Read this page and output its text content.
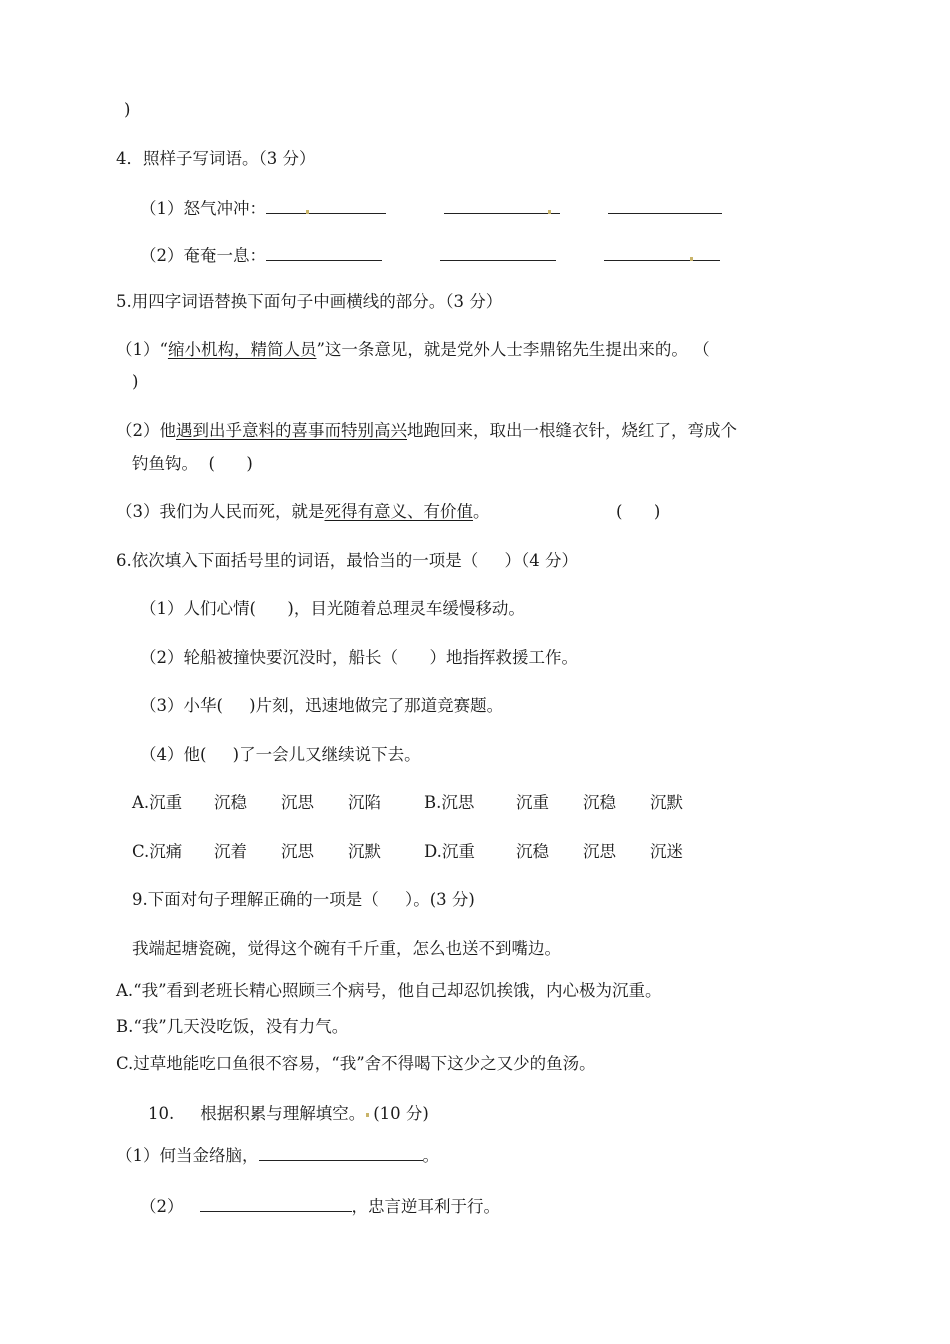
)
4．照样子写词语。（3 分）
（1）怒气冲冲：
（2）奄奄一息：
5.用四字词语替换下面句子中画横线的部分。（3 分）
（1）“缩小机构，精简人员”这一条意见，就是党外人士李鼎铭先生提出来的。 （
)
（2）他遇到出乎意料的喜事而特别高兴地跑回来，取出一根缝衣针，烧红了，弯成个
钓鱼钩。  (      )
（3）我们为人民而死，就是死得有意义、有价值。	(      )
6.依次填入下面括号里的词语，最恰当的一项是（     ）（4 分）
（1）人们心情(      )，目光随着总理灵车缓慢移动。
（2）轮船被撞快要沉没时，船长（      ）地指挥救援工作。
（3）小华(     )片刻，迅速地做完了那道竞赛题。
（4）他(     )了一会儿又继续说下去。
A.沉重 沉稳 沉思 沉陷	B.沉思	沉重 沉稳 沉默
C.沉痛 沉着 沉思 沉默	D.沉重 沉稳 沉思 沉迷
9.下面对句子理解正确的一项是（     ）。(3 分)
我端起塘瓷碗，觉得这个碗有千斤重，怎么也送不到嘴边。
A.“我”看到老班长精心照顾三个病号，他自己却忍饥挨饿，内心极为沉重。
B.“我”几天没吃饭，没有力气。
C.过草地能吃口鱼很不容易，“我”舍不得喝下这少之又少的鱼汤。
10. 根据积累与理解填空。 (10 分)
（1）何当金络脑，	。
（2）	，忠言逆耳利于行。
